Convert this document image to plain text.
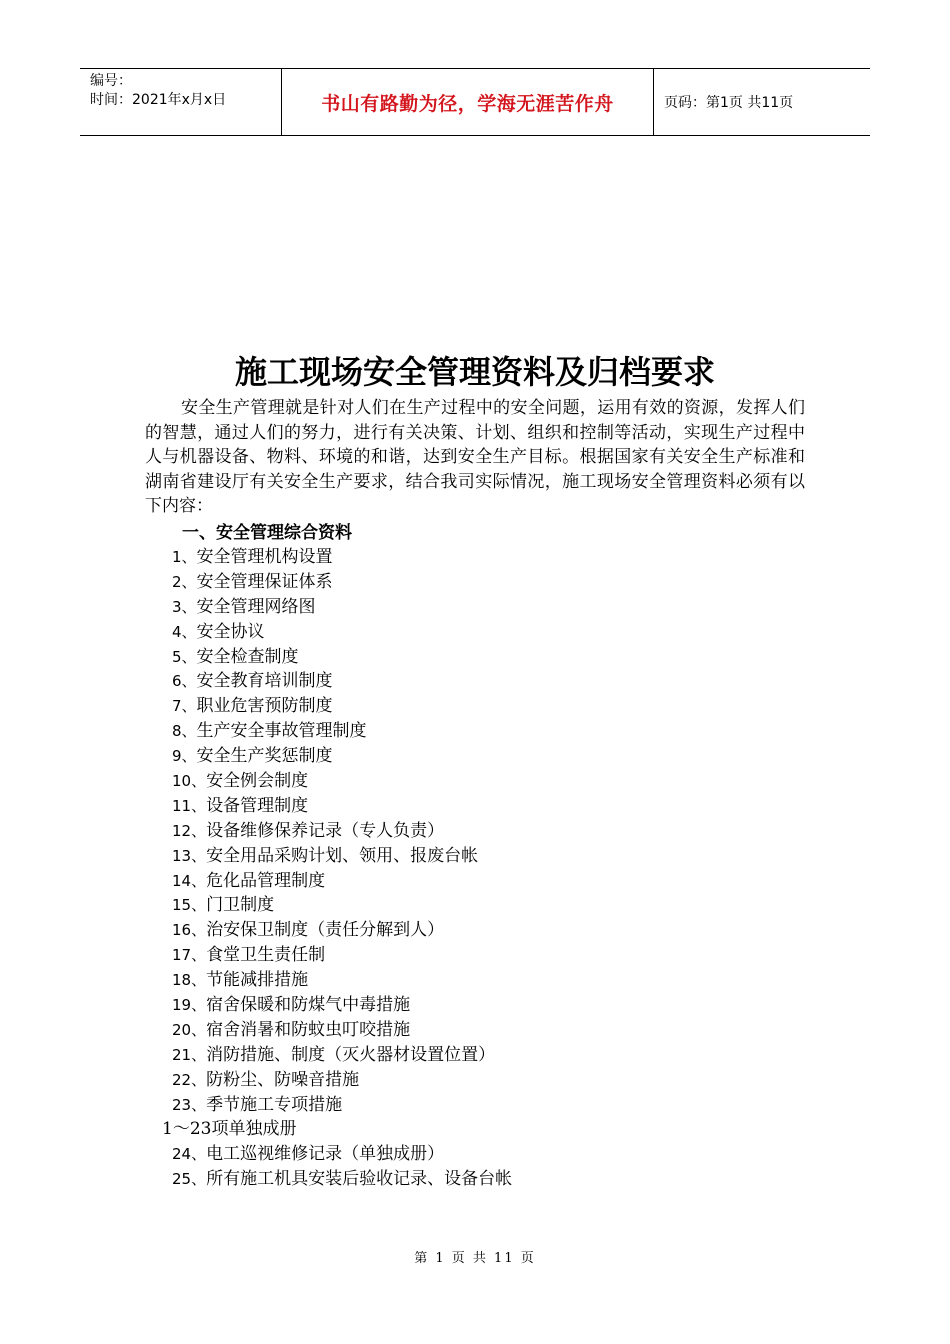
编号：
时间：2021年x月x日	书山有路勤为径，学海无涯苦作舟	页码：第1页 共11页
施工现场安全管理资料及归档要求

安全生产管理就是针对人们在生产过程中的安全问题，运用有效的资源，发挥人们的智慧，通过人们的努力，进行有关决策、计划、组织和控制等活动，实现生产过程中人与机器设备、物料、环境的和谐，达到安全生产目标。根据国家有关安全生产标准和湖南省建设厅有关安全生产要求，结合我司实际情况，施工现场安全管理资料必须有以下内容：

一、安全管理综合资料
1、安全管理机构设置
2、安全管理保证体系
3、安全管理网络图
4、安全协议
5、安全检查制度
6、安全教育培训制度
7、职业危害预防制度
8、生产安全事故管理制度
9、安全生产奖惩制度
10、安全例会制度
11、设备管理制度
12、设备维修保养记录（专人负责）
13、安全用品采购计划、领用、报废台帐
14、危化品管理制度
15、门卫制度
16、治安保卫制度（责任分解到人）
17、食堂卫生责任制
18、节能减排措施
19、宿舍保暖和防煤气中毒措施
20、宿舍消暑和防蚊虫叮咬措施
21、消防措施、制度（灭火器材设置位置）
22、防粉尘、防噪音措施
23、季节施工专项措施
1～23项单独成册
24、电工巡视维修记录（单独成册）
25、所有施工机具安装后验收记录、设备台帐
第 1 页 共 11 页
